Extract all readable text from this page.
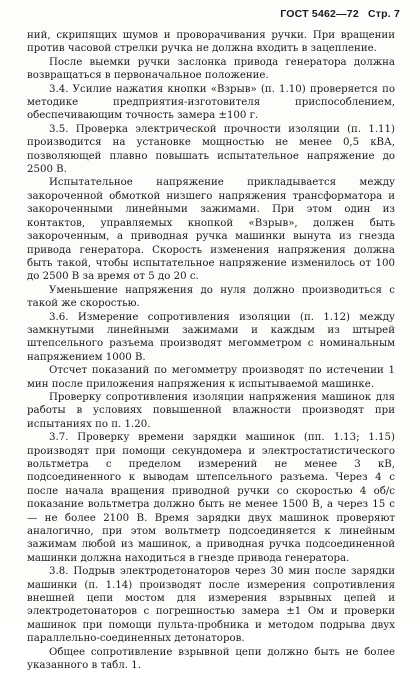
ГОСТ 5462—72 Стр. 7

ний, скрипящих шумов и проворачивания ручки. При вращении против часовой стрелки ручка не должна входить в зацепление.

После выемки ручки заслонка привода генератора должна возвращаться в первоначальное положение.

3.4. Усилие нажатия кнопки «Взрыв» (п. 1.10) проверяется по методике предприятия-изготовителя приспособлением, обеспечивающим точность замера ±100 г.

3.5. Проверка электрической прочности изоляции (п. 1.11) производится на установке мощностью не менее 0,5 кВА, позволяющей плавно повышать испытательное напряжение до 2500 В.

Испытательное напряжение прикладывается между закороченной обмоткой низшего напряжения трансформатора и закороченными линейными зажимами. При этом один из контактов, управляемых кнопкой «Взрыв», должен быть закороченным, а приводная ручка машинки вынута из гнезда привода генератора. Скорость изменения напряжения должна быть такой, чтобы испытательное напряжение изменилось от 100 до 2500 В за время от 5 до 20 с.

Уменьшение напряжения до нуля должно производиться с такой же скоростью.

3.6. Измерение сопротивления изоляции (п. 1.12) между замкнутыми линейными зажимами и каждым из штырей штепсельного разъема производят мегомметром с номинальным напряжением 1000 В.

Отсчет показаний по мегомметру производят по истечении 1 мин после приложения напряжения к испытываемой машинке.

Проверку сопротивления изоляции напряжения машинок для работы в условиях повышенной влажности производят при испытаниях по п. 1.20.

3.7. Проверку времени зарядки машинок (пп. 1.13; 1.15) производят при помощи секундомера и электростатистического вольтметра с пределом измерений не менее 3 кВ, подсоединенного к выводам штепсельного разъема. Через 4 с после начала вращения приводной ручки со скоростью 4 об/с показание вольтметра должно быть не менее 1500 В, а через 15 с — не более 2100 В. Время зарядки двух машинок проверяют аналогично, при этом вольтметр подсоединяется к линейным зажимам любой из машинок, а приводная ручка подсоединенной машинки должна находиться в гнезде привода генератора.

3.8. Подрыв электродетонаторов через 30 мин после зарядки машинки (п. 1.14) производят после измерения сопротивления внешней цепи мостом для измерения взрывных цепей и электродетонаторов с погрешностью замера ±1 Ом и проверки машинок при помощи пульта-пробника и методом подрыва двух параллельно-соединенных детонаторов.

Общее сопротивление взрывной цепи должно быть не более указанного в табл. 1.
